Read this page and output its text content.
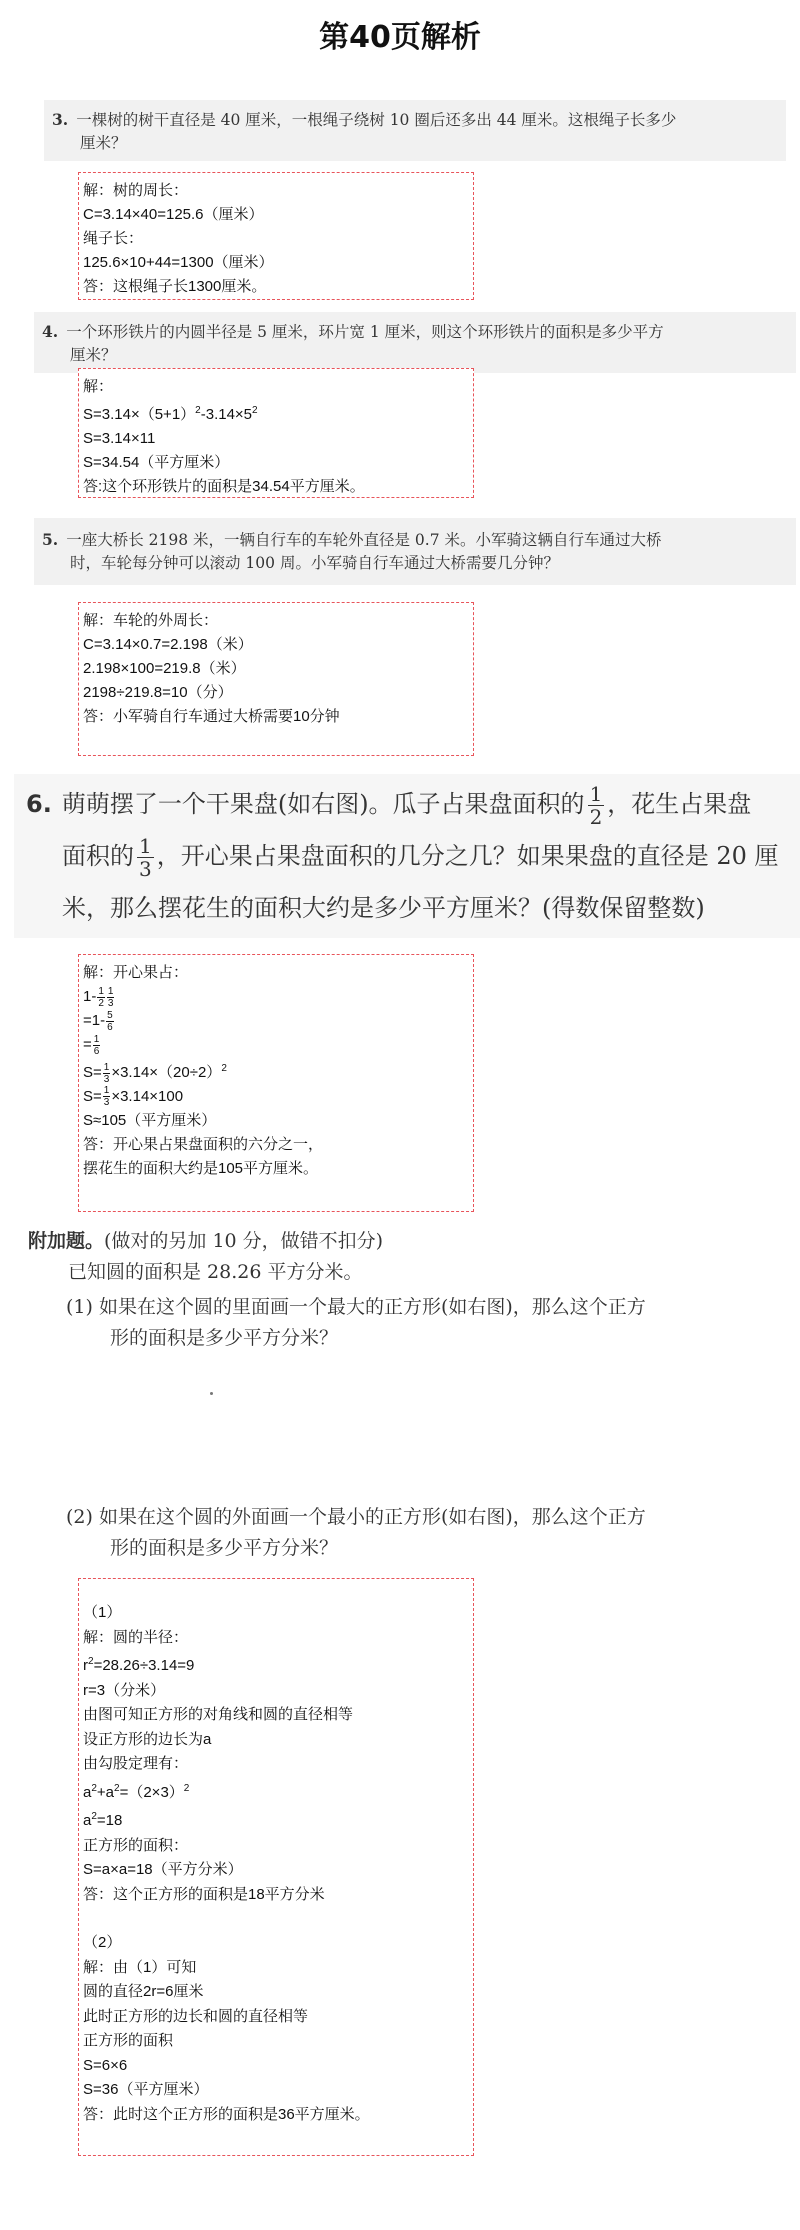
第40页解析
3. 一棵树的树干直径是 40 厘米，一根绳子绕树 10 圈后还多出 44 厘米。这根绳子长多少
厘米？
解：树的周长：
C=3.14×40=125.6（厘米）
绳子长：
125.6×10+44=1300（厘米）
答：这根绳子长1300厘米。
4. 一个环形铁片的内圆半径是 5 厘米，环片宽 1 厘米，则这个环形铁片的面积是多少平方
厘米？
解：
$S=3.14\times(5+1)^2-3.14\times 5^2$
S=3.14×11
S=34.54（平方厘米）
答:这个环形铁片的面积是34.54平方厘米。
5. 一座大桥长 2198 米，一辆自行车的车轮外直径是 0.7 米。小军骑这辆自行车通过大桥
时，车轮每分钟可以滚动 100 周。小军骑自行车通过大桥需要几分钟？
解：车轮的外周长：
C=3.14×0.7=2.198（米）
2.198×100=219.8（米）
2198÷219.8=10（分）
答：小军骑自行车通过大桥需要10分钟
6. 萌萌摆了一个干果盘(如右图)。瓜子占果盘面积的 $\frac{1}{2}$ ，花生占果盘
面积的 $\frac{1}{3}$ ，开心果占果盘面积的几分之几？如果果盘的直径是 20 厘
米，那么摆花生的面积大约是多少平方厘米？(得数保留整数)
解：开心果占：
$1- \frac{1}{2} \frac{1}{3}$
$=1- \frac{5}{6}$
= $\frac{1}{6}$
$S= \frac{1}{3} \times 3.14\times(20\div 2)^2$
$S= \frac{1}{3} \times 3.14\times 100$
S≈105（平方厘米）
答：开心果占果盘面积的六分之一，
摆花生的面积大约是105平方厘米。
附加题。(做对的另加 10 分，做错不扣分)
已知圆的面积是 28.26 平方分米。
(1) 如果在这个圆的里面画一个最大的正方形(如右图)，那么这个正方
形的面积是多少平方分米？
(2) 如果在这个圆的外面画一个最小的正方形(如右图)，那么这个正方
形的面积是多少平方分米？
（1）
解：圆的半径：
$r^2=28.26\div 3.14=9$
r=3（分米）
由图可知正方形的对角线和圆的直径相等
设正方形的边长为a
由勾股定理有：
$a^2+a^2=(2\times 3)^2$
$a^2=18$
正方形的面积：
S=a×a=18（平方分米）
答：这个正方形的面积是18平方分米
（2）
解：由（1）可知
圆的直径2r=6厘米
此时正方形的边长和圆的直径相等
正方形的面积
S=6×6
S=36（平方厘米）
答：此时这个正方形的面积是36平方厘米。
